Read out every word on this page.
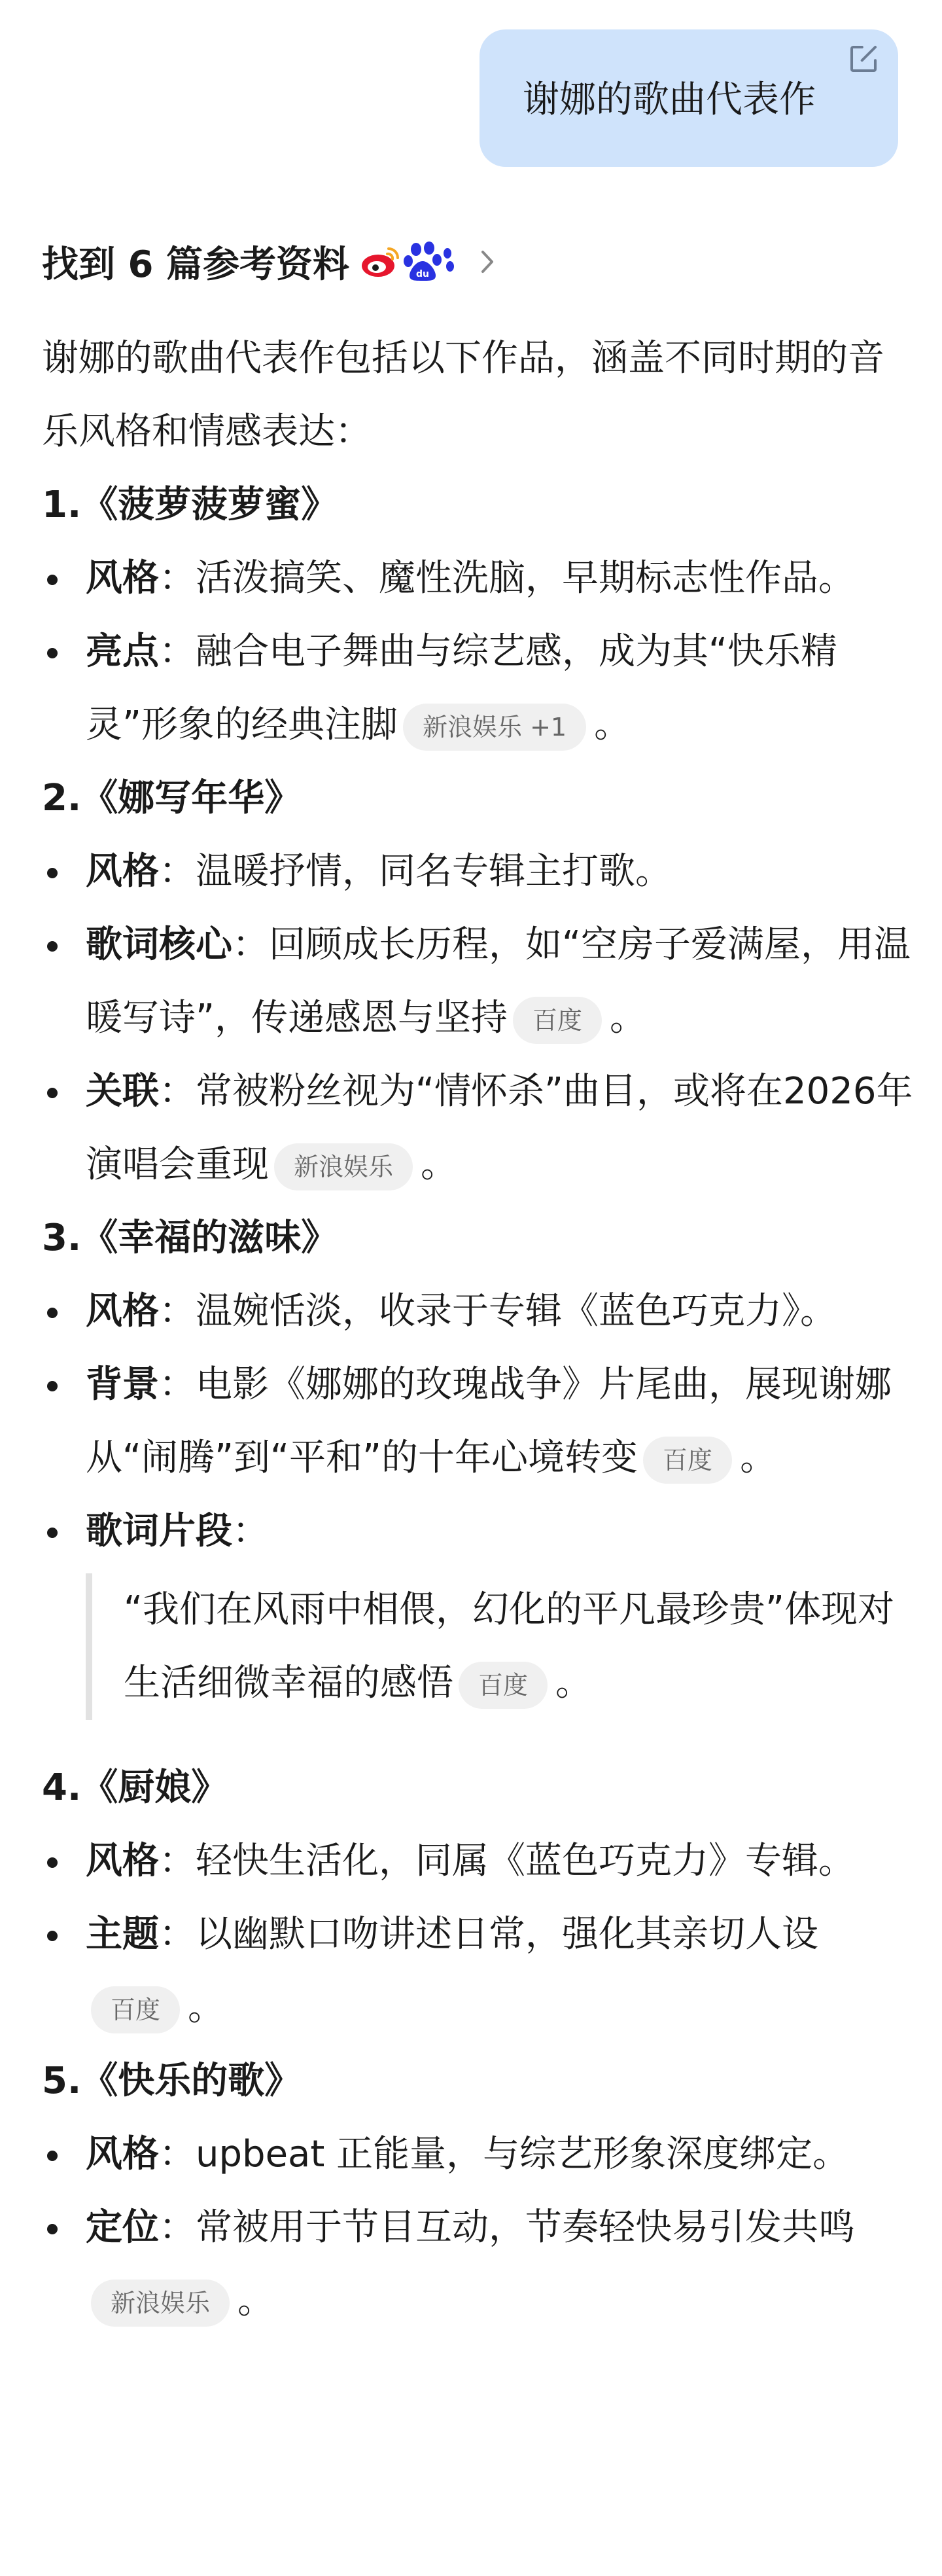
谢娜的歌曲代表作
找到 6 篇参考资料	du

谢娜的歌曲代表作包括以下作品，涵盖不同时期的音乐风格和情感表达：

1.《菠萝菠萝蜜》

风格：活泼搞笑、魔性洗脑，早期标志性作品。

亮点：融合电子舞曲与综艺感，成为其“快乐精灵”形象的经典注脚 新浪娱乐 +1 。

2.《娜写年华》

风格：温暖抒情，同名专辑主打歌。

歌词核心：回顾成长历程，如“空房子爱满屋，用温暖写诗”，传递感恩与坚持 百度 。

关联：常被粉丝视为“情怀杀”曲目，或将在2026年演唱会重现 新浪娱乐 。

3.《幸福的滋味》

风格：温婉恬淡，收录于专辑《蓝色巧克力》。

背景：电影《娜娜的玫瑰战争》片尾曲，展现谢娜从“闹腾”到“平和”的十年心境转变 百度 。

歌词片段：

“我们在风雨中相偎，幻化的平凡最珍贵”体现对生活细微幸福的感悟 百度 。

4.《厨娘》

风格：轻快生活化，同属《蓝色巧克力》专辑。

主题：以幽默口吻讲述日常，强化其亲切人设百度 。

5.《快乐的歌》

风格：upbeat 正能量，与综艺形象深度绑定。

定位：常被用于节目互动，节奏轻快易引发共鸣新浪娱乐 。
